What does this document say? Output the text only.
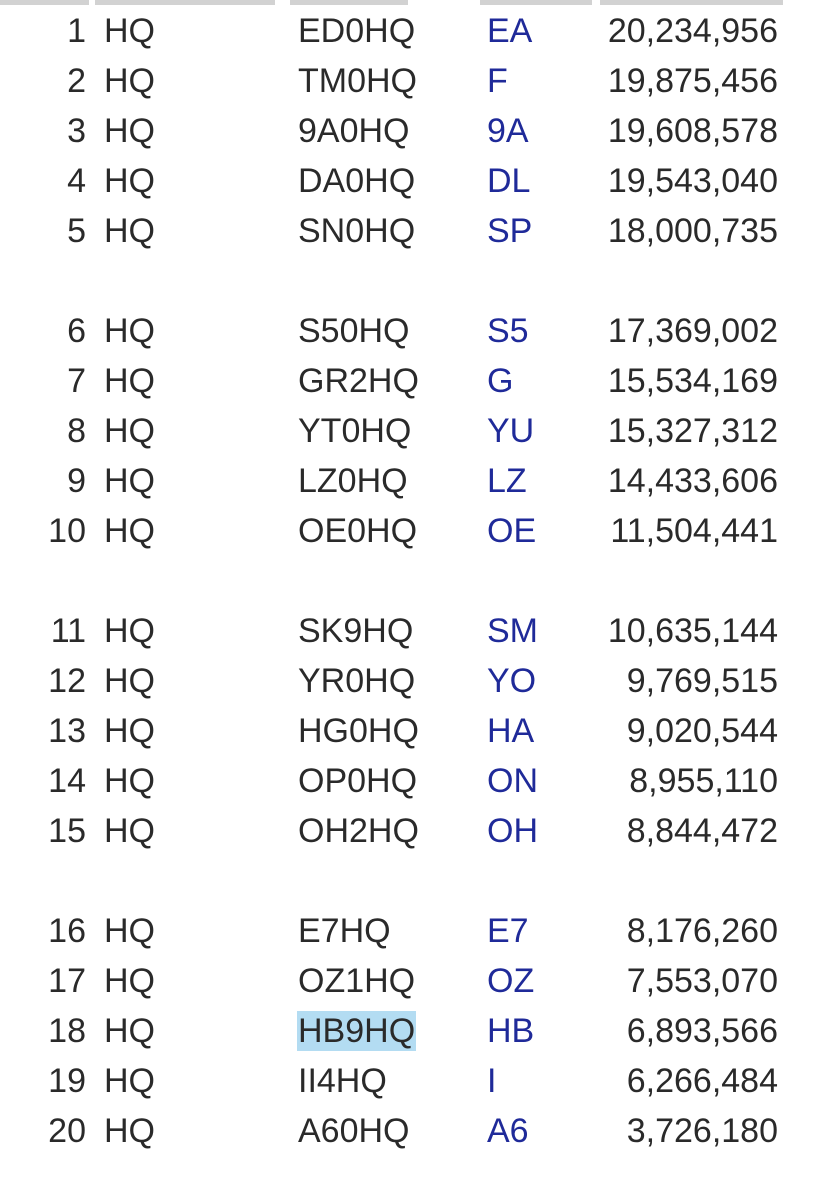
1 HQ	ED0HQ EA 20,234,956
2 HQ	TM0HQ F	19,875,456
3 HQ	9A0HQ 9A 19,608,578
4 HQ	DA0HQ DL 19,543,040
5 HQ	SN0HQ SP 18,000,735
6 HQ	S50HQ S5 17,369,002
7 HQ	GR2HQ G	15,534,169
8 HQ	YT0HQ YU 15,327,312
9 HQ	LZ0HQ LZ 14,433,606
10 HQ	OE0HQ OE 11,504,441
11 HQ	SK9HQ SM 10,635,144
12 HQ	YR0HQ YO	9,769,515
13 HQ	HG0HQ HA	9,020,544
14 HQ	OP0HQ ON	8,955,110
15 HQ	OH2HQ OH	8,844,472
16 HQ	E7HQ	E7	8,176,260
17 HQ	OZ1HQ OZ	7,553,070
18 HQ	HB9HQ HB	6,893,566
19 HQ	II4HQ	I	6,266,484
20 HQ	A60HQ A6	3,726,180
